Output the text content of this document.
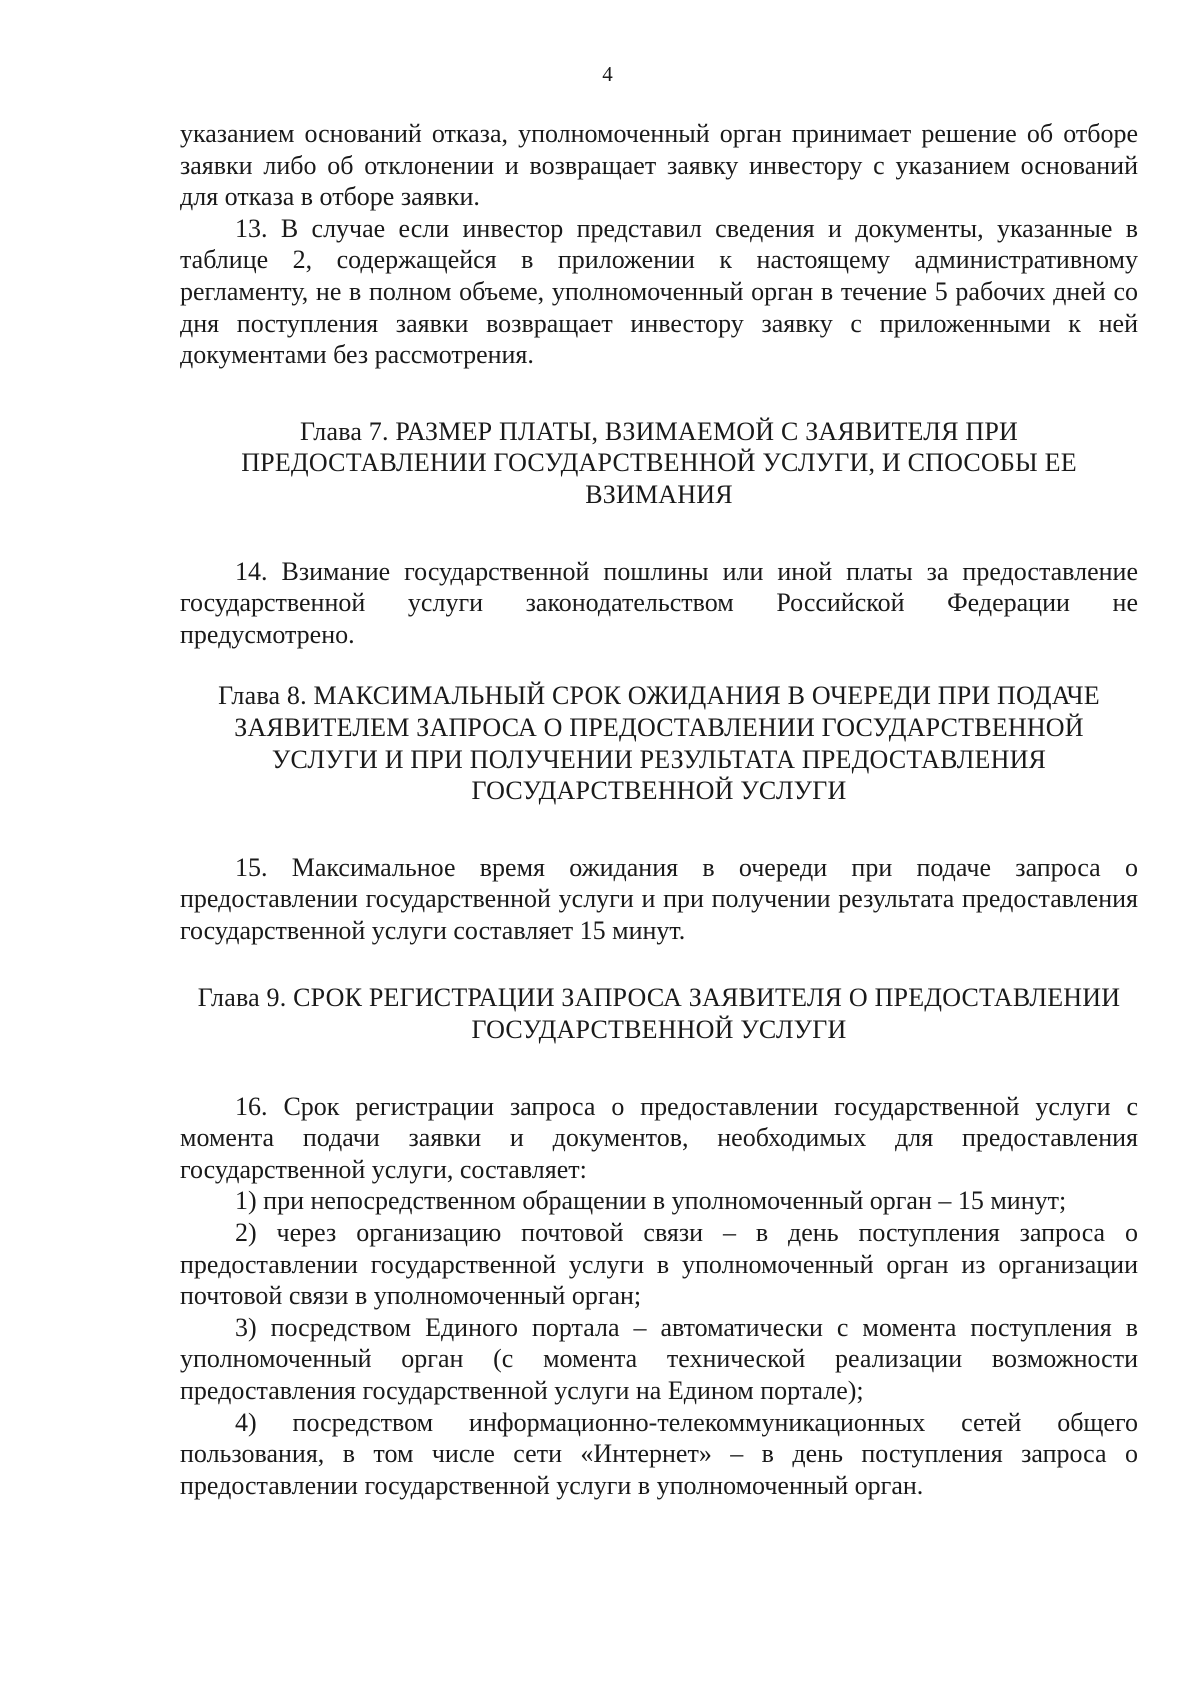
4

указанием оснований отказа, уполномоченный орган принимает решение об отборе заявки либо об отклонении и возвращает заявку инвестору с указанием оснований для отказа в отборе заявки.

13. В случае если инвестор представил сведения и документы, указанные в таблице 2, содержащейся в приложении к настоящему административному регламенту, не в полном объеме, уполномоченный орган в течение 5 рабочих дней со дня поступления заявки возвращает инвестору заявку с приложенными к ней документами без рассмотрения.

Глава 7. РАЗМЕР ПЛАТЫ, ВЗИМАЕМОЙ С ЗАЯВИТЕЛЯ ПРИ ПРЕДОСТАВЛЕНИИ ГОСУДАРСТВЕННОЙ УСЛУГИ, И СПОСОБЫ ЕЕ ВЗИМАНИЯ

14. Взимание государственной пошлины или иной платы за предоставление государственной услуги законодательством Российской Федерации не предусмотрено.

Глава 8. МАКСИМАЛЬНЫЙ СРОК ОЖИДАНИЯ В ОЧЕРЕДИ ПРИ ПОДАЧЕ ЗАЯВИТЕЛЕМ ЗАПРОСА О ПРЕДОСТАВЛЕНИИ ГОСУДАРСТВЕННОЙ УСЛУГИ И ПРИ ПОЛУЧЕНИИ РЕЗУЛЬТАТА ПРЕДОСТАВЛЕНИЯ ГОСУДАРСТВЕННОЙ УСЛУГИ

15. Максимальное время ожидания в очереди при подаче запроса о предоставлении государственной услуги и при получении результата предоставления государственной услуги составляет 15 минут.

Глава 9. СРОК РЕГИСТРАЦИИ ЗАПРОСА ЗАЯВИТЕЛЯ О ПРЕДОСТАВЛЕНИИ ГОСУДАРСТВЕННОЙ УСЛУГИ

16. Срок регистрации запроса о предоставлении государственной услуги с момента подачи заявки и документов, необходимых для предоставления государственной услуги, составляет:

1) при непосредственном обращении в уполномоченный орган – 15 минут;

2) через организацию почтовой связи – в день поступления запроса о предоставлении государственной услуги в уполномоченный орган из организации почтовой связи в уполномоченный орган;

3) посредством Единого портала – автоматически с момента поступления в уполномоченный орган (с момента технической реализации возможности предоставления государственной услуги на Едином портале);

4) посредством информационно-телекоммуникационных сетей общего пользования, в том числе сети «Интернет» – в день поступления запроса о предоставлении государственной услуги в уполномоченный орган.
